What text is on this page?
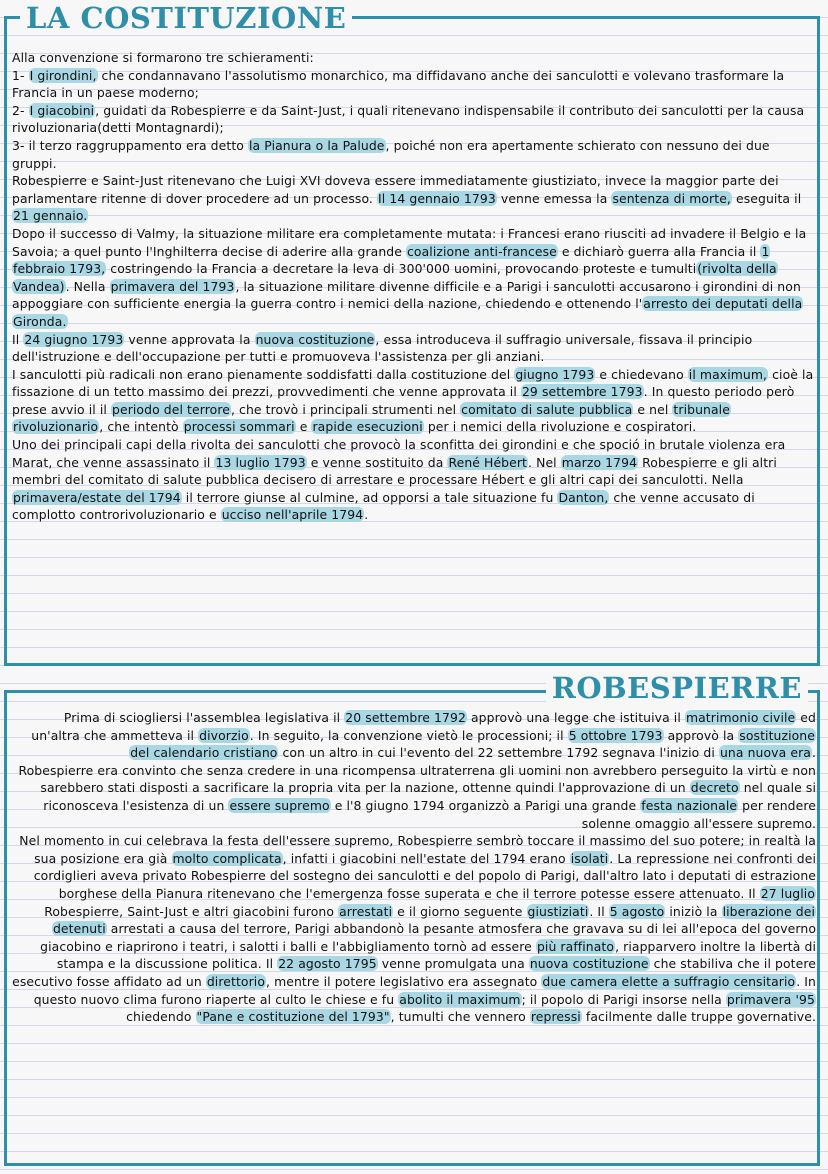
LA COSTITUZIONE

Alla convenzione si formarono tre schieramenti:

1- I girondini, che condannavano l'assolutismo monarchico, ma diffidavano anche dei sanculotti e volevano trasformare la Francia in un paese moderno;

2- I giacobini, guidati da Robespierre e da Saint-Just, i quali ritenevano indispensabile il contributo dei sanculotti per la causa rivoluzionaria(detti Montagnardi);

3- il terzo raggruppamento era detto la Pianura o la Palude, poiché non era apertamente schierato con nessuno dei due gruppi.

Robespierre e Saint-Just ritenevano che Luigi XVI doveva essere immediatamente giustiziato, invece la maggior parte dei parlamentare ritenne di dover procedere ad un processo. Il 14 gennaio 1793 venne emessa la sentenza di morte, eseguita il 21 gennaio.

Dopo il successo di Valmy, la situazione militare era completamente mutata: i Francesi erano riusciti ad invadere il Belgio e la Savoia; a quel punto l'Inghilterra decise di aderire alla grande coalizione anti-francese e dichiarò guerra alla Francia il 1 febbraio 1793, costringendo la Francia a decretare la leva di 300'000 uomini, provocando proteste e tumulti(rivolta della Vandea). Nella primavera del 1793, la situazione militare divenne difficile e a Parigi i sanculotti accusarono i girondini di non appoggiare con sufficiente energia la guerra contro i nemici della nazione, chiedendo e ottenendo l'arresto dei deputati della Gironda.

Il 24 giugno 1793 venne approvata la nuova costituzione, essa introduceva il suffragio universale, fissava il principio dell'istruzione e dell'occupazione per tutti e promuoveva l'assistenza per gli anziani.

I sanculotti più radicali non erano pienamente soddisfatti dalla costituzione del giugno 1793 e chiedevano il maximum, cioè la fissazione di un tetto massimo dei prezzi, provvedimenti che venne approvata il 29 settembre 1793. In questo periodo però prese avvio il il periodo del terrore, che trovò i principali strumenti nel comitato di salute pubblica e nel tribunale rivoluzionario, che intentò processi sommari e rapide esecuzioni per i nemici della rivoluzione e cospiratori.

Uno dei principali capi della rivolta dei sanculotti che provocò la sconfitta dei girondini e che spoció in brutale violenza era Marat, che venne assassinato il 13 luglio 1793 e venne sostituito da René Hébert. Nel marzo 1794 Robespierre e gli altri membri del comitato di salute pubblica decisero di arrestare e processare Hébert e gli altri capi dei sanculotti. Nella primavera/estate del 1794 il terrore giunse al culmine, ad opporsi a tale situazione fu Danton, che venne accusato di complotto controrivoluzionario e ucciso nell'aprile 1794.

ROBESPIERRE

Prima di sciogliersi l'assemblea legislativa il 20 settembre 1792 approvò una legge che istituiva il matrimonio civile ed un'altra che ammetteva il divorzio. In seguito, la convenzione vietò le processioni; il 5 ottobre 1793 approvò la sostituzione del calendario cristiano con un altro in cui l'evento del 22 settembre 1792 segnava l'inizio di una nuova era.

Robespierre era convinto che senza credere in una ricompensa ultraterrena gli uomini non avrebbero perseguito la virtù e non sarebbero stati disposti a sacrificare la propria vita per la nazione, ottenne quindi l'approvazione di un decreto nel quale si riconosceva l'esistenza di un essere supremo e l'8 giugno 1794 organizzò a Parigi una grande festa nazionale per rendere solenne omaggio all'essere supremo.

Nel momento in cui celebrava la festa dell'essere supremo, Robespierre sembrò toccare il massimo del suo potere; in realtà la sua posizione era già molto complicata, infatti i giacobini nell'estate del 1794 erano isolati. La repressione nei confronti dei cordiglieri aveva privato Robespierre del sostegno dei sanculotti e del popolo di Parigi, dall'altro lato i deputati di estrazione borghese della Pianura ritenevano che l'emergenza fosse superata e che il terrore potesse essere attenuato. Il 27 luglio Robespierre, Saint-Just e altri giacobini furono arrestati e il giorno seguente giustiziati. Il 5 agosto iniziò la liberazione dei detenuti arrestati a causa del terrore, Parigi abbandonò la pesante atmosfera che gravava su di lei all'epoca del governo giacobino e riaprirono i teatri, i salotti i balli e l'abbigliamento tornò ad essere più raffinato, riapparvero inoltre la libertà di stampa e la discussione politica. Il 22 agosto 1795 venne promulgata una nuova costituzione che stabiliva che il potere esecutivo fosse affidato ad un direttorio, mentre il potere legislativo era assegnato due camera elette a suffragio censitario. In questo nuovo clima furono riaperte al culto le chiese e fu abolito il maximum; il popolo di Parigi insorse nella primavera '95 chiedendo "Pane e costituzione del 1793", tumulti che vennero repressi facilmente dalle truppe governative.
